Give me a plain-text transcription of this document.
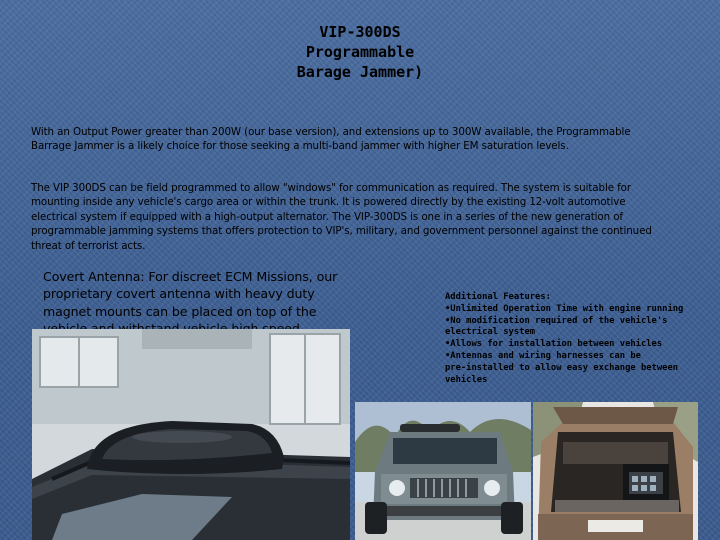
VIP-300DS
Programmable
Barage Jammer)
With an Output Power greater than 200W (our base version), and extensions up to 300W available, the Programmable Barrage Jammer is a likely choice for those seeking a multi-band jammer with higher EM saturation levels.
The VIP 300DS can be field programmed to allow "windows" for communication as required. The system is suitable for mounting inside any vehicle's cargo area or within the trunk. It is powered directly by the existing 12-volt automotive electrical system if equipped with a high-output alternator. The VIP-300DS is one in a series of the new generation of programmable jamming systems that offers protection to VIP's, military, and government personnel against the continued threat of terrorist acts.
Covert Antenna: For discreet ECM Missions, our proprietary covert antenna with heavy duty magnet mounts can be placed on top of the
Additional Features:
•Unlimited Operation Time with engine running
•No modification required of the vehicle's
electrical system
•Allows for installation between vehicles
•Antennas and wiring harnesses can be
pre-installed to allow easy exchange between
vehicles
